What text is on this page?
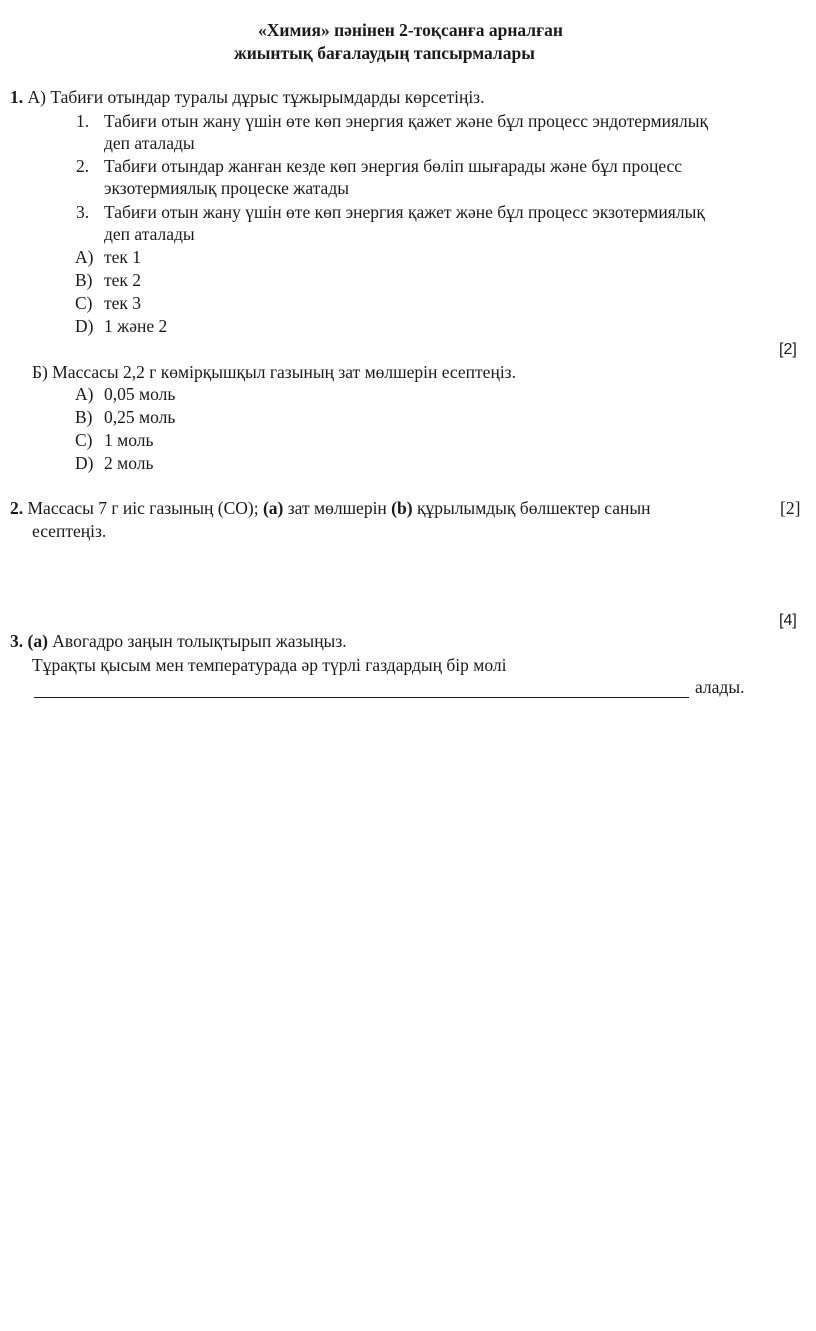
«Химия» пәнінен 2-тоқсанға арналған
жиынтық бағалаудың тапсырмалары
1. А) Табиғи отындар туралы дұрыс тұжырымдарды көрсетіңіз.
1. Табиғи отын жану үшін өте көп энергия қажет және бұл процесс эндотермиялық
деп аталады
2. Табиғи отындар жанған кезде көп энергия бөліп шығарады және бұл процесс
экзотермиялық процеске жатады
3. Табиғи отын жану үшін өте көп энергия қажет және бұл процесс экзотермиялық
деп аталады
A) тек 1
B) тек 2
C) тек 3
D) 1 және 2
[2]
Б) Массасы 2,2 г көмірқышқыл газының зат мөлшерін есептеңіз.
A) 0,05 моль
B) 0,25 моль
C) 1 моль
D) 2 моль
2. Массасы 7 г иіс газының (CO); (a) зат мөлшерін (b) құрылымдық бөлшектер санын	[2]
есептеңіз.
[4]
3. (a) Авогадро заңын толықтырып жазыңыз.
Тұрақты қысым мен температурада әр түрлі газдардың бір молі
алады.
